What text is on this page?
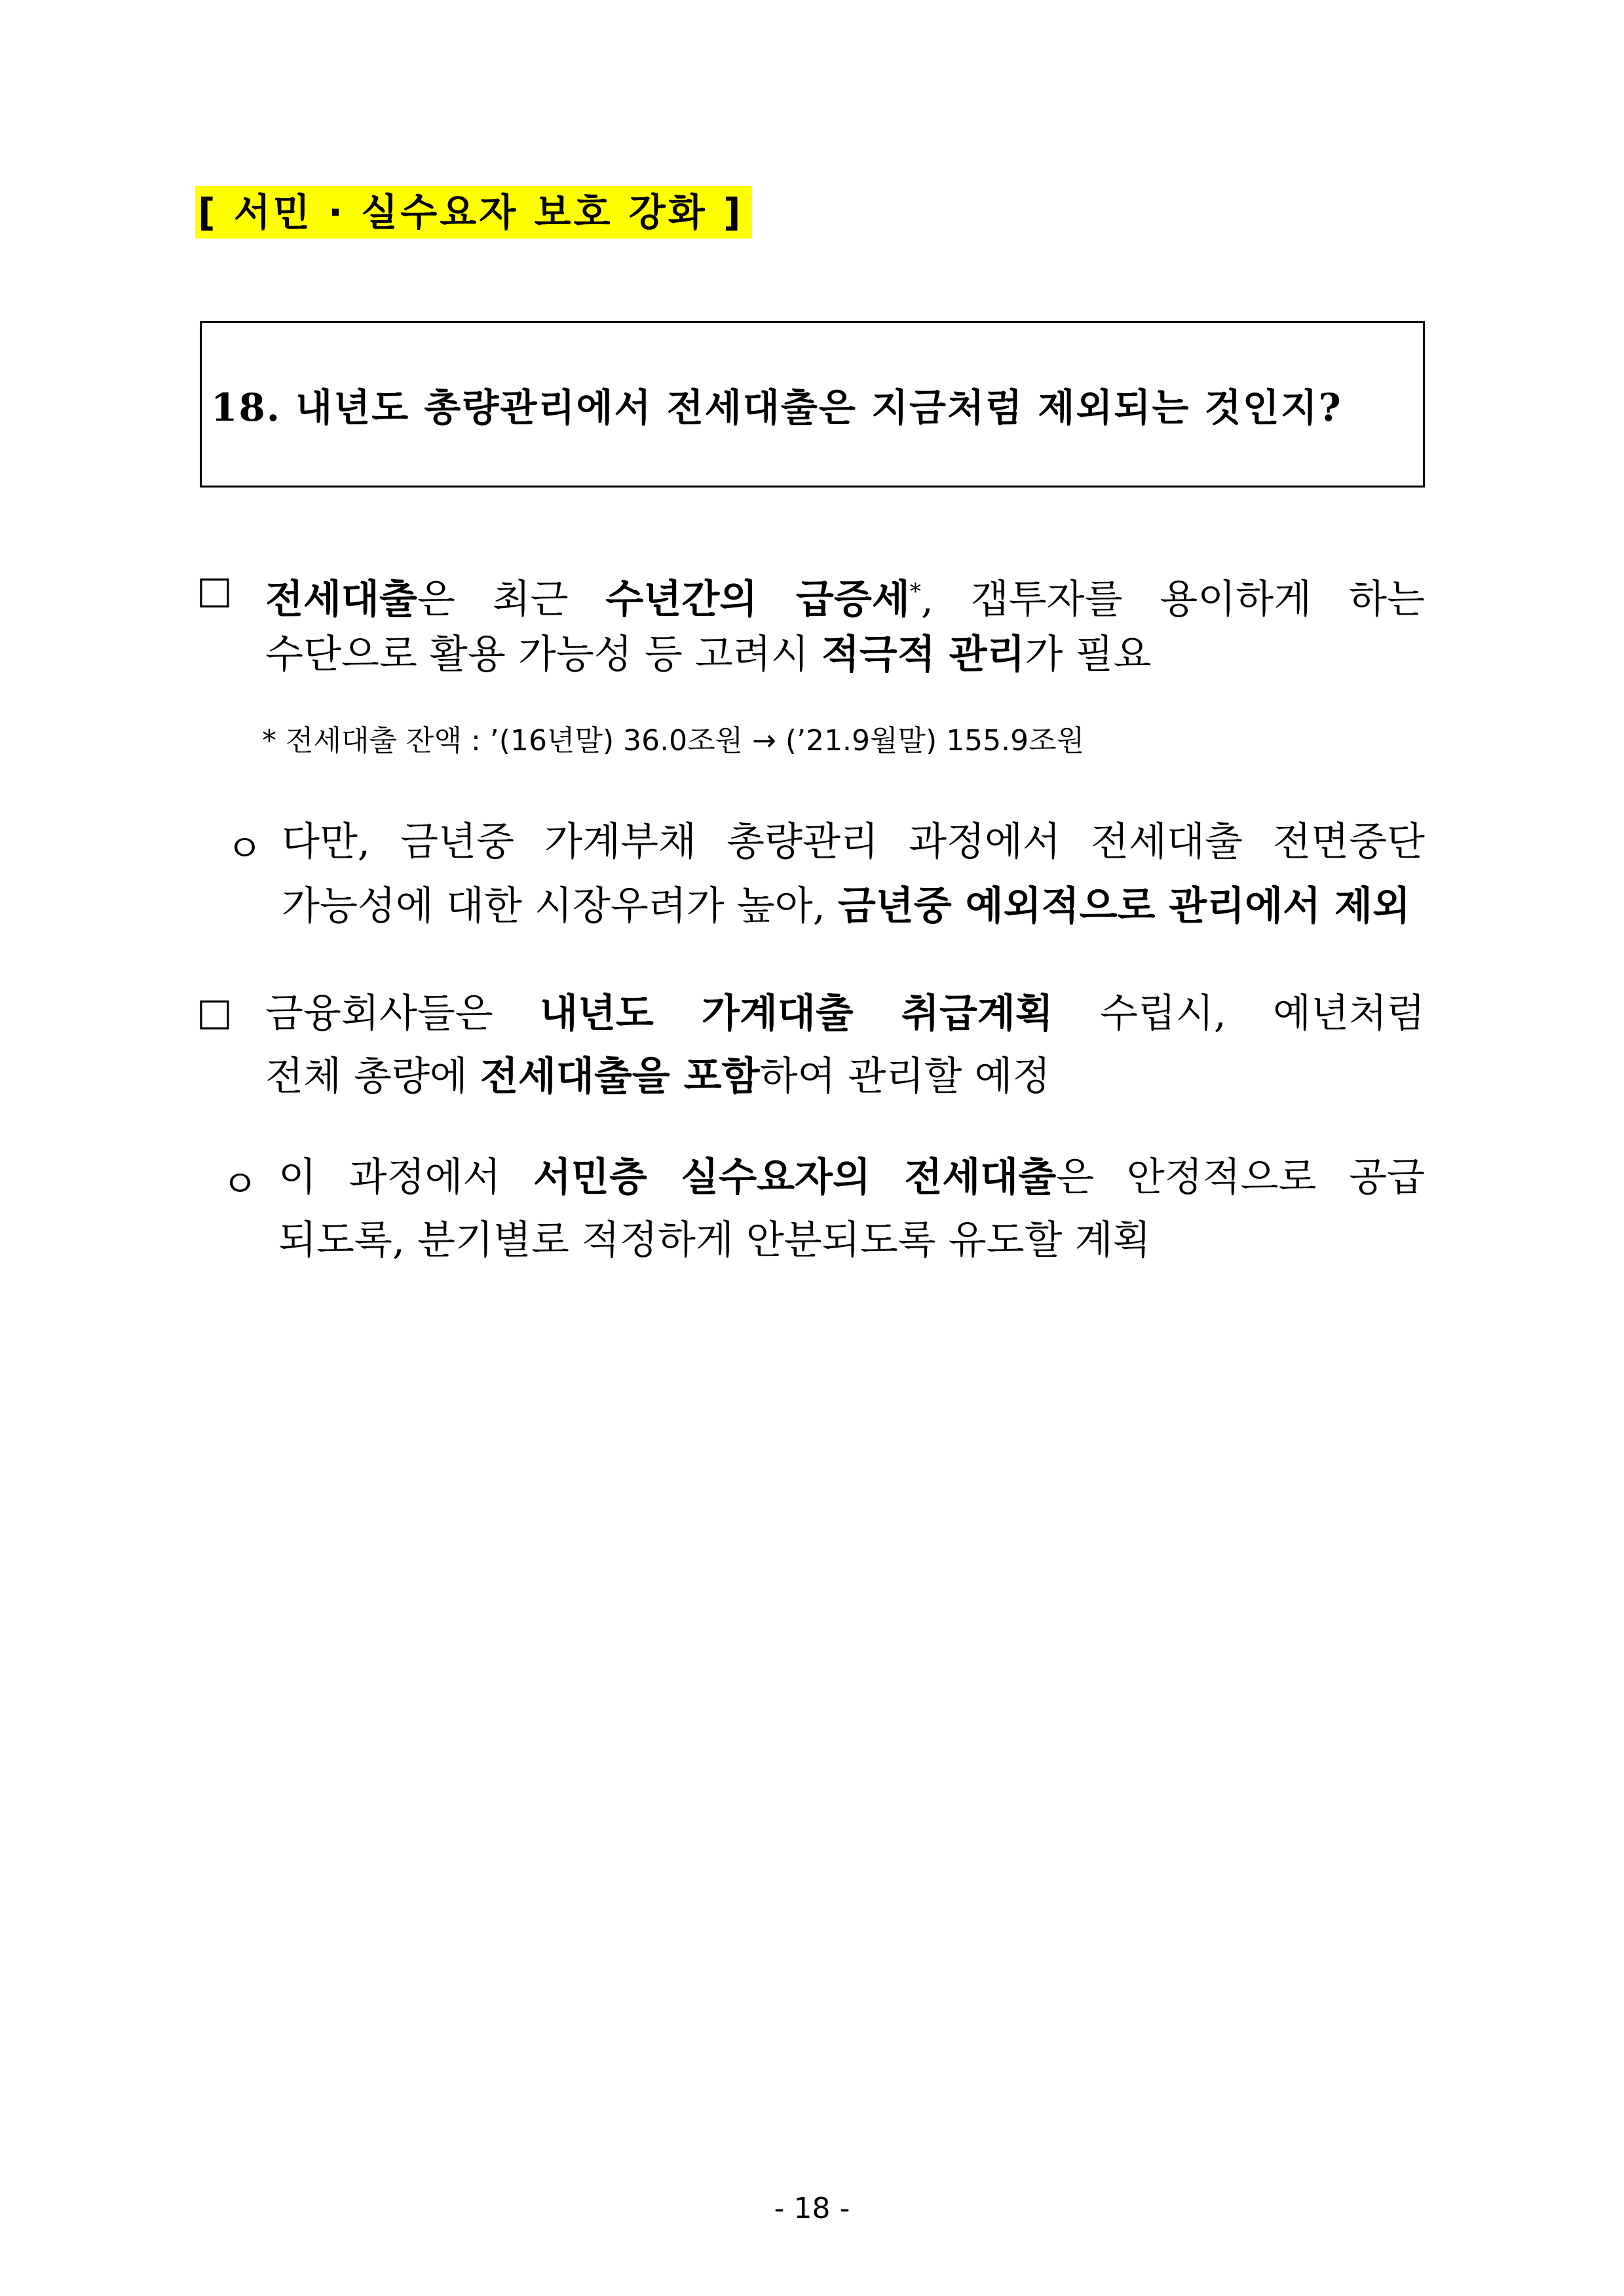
[ 서민 · 실수요자 보호 강화 ]
18. 내년도 총량관리에서 전세대출은 지금처럼 제외되는 것인지?
□ 전세대출은 최근 수년간의 급증세*, 갭투자를 용이하게 하는
수단으로 활용 가능성 등 고려시 적극적 관리가 필요
* 전세대출 잔액 : ’(16년말) 36.0조원 → (’21.9월말) 155.9조원
ㅇ 다만, 금년중 가계부채 총량관리 과정에서 전세대출 전면중단
가능성에 대한 시장우려가 높아, 금년중 예외적으로 관리에서 제외
□ 금융회사들은 내년도 가계대출 취급계획 수립시, 예년처럼
전체 총량에 전세대출을 포함하여 관리할 예정
ㅇ 이 과정에서 서민층 실수요자의 전세대출은 안정적으로 공급
되도록, 분기별로 적정하게 안분되도록 유도할 계획
- 18 -
